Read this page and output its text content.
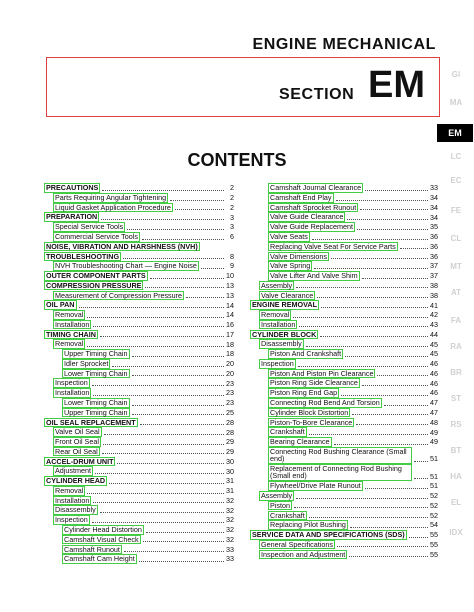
ENGINE MECHANICAL
SECTION EM
CONTENTS
GI
MA
EM
LC
EC
FE
CL
MT
AT
FA
RA
BR
ST
RS
BT
HA
EL
IDX
PRECAUTIONS	2
Parts Requiring Angular Tightening	2
Liquid Gasket Application Procedure	2
PREPARATION	3
Special Service Tools	3
Commercial Service Tools	6
NOISE, VIBRATION AND HARSHNESS (NVH)
TROUBLESHOOTING	8
NVH Troubleshooting Chart — Engine Noise	9
OUTER COMPONENT PARTS	10
COMPRESSION PRESSURE	13
Measurement of Compression Pressure	13
OIL PAN	14
Removal	14
Installation	16
TIMING CHAIN	17
Removal	18
Upper Timing Chain	18
Idler Sprocket	20
Lower Timing Chain	20
Inspection	23
Installation	23
Lower Timing Chain	23
Upper Timing Chain	25
OIL SEAL REPLACEMENT	28
Valve Oil Seal	28
Front Oil Seal	29
Rear Oil Seal	29
ACCEL-DRUM UNIT	30
Adjustment	30
CYLINDER HEAD	31
Removal	31
Installation	32
Disassembly	32
Inspection	32
Cylinder Head Distortion	32
Camshaft Visual Check	32
Camshaft Runout	33
Camshaft Cam Height	33
Camshaft Journal Clearance	33
Camshaft End Play	34
Camshaft Sprocket Runout	34
Valve Guide Clearance	34
Valve Guide Replacement	35
Valve Seats	36
Replacing Valve Seat For Service Parts	36
Valve Dimensions	36
Valve Spring	37
Valve Lifter And Valve Shim	37
Assembly	38
Valve Clearance	38
ENGINE REMOVAL	41
Removal	42
Installation	43
CYLINDER BLOCK	44
Disassembly	45
Piston And Crankshaft	45
Inspection	46
Piston And Piston Pin Clearance	46
Piston Ring Side Clearance	46
Piston Ring End Gap	46
Connecting Rod Bend And Torsion	47
Cylinder Block Distortion	47
Piston-To-Bore Clearance	48
Crankshaft	49
Bearing Clearance	49
Connecting Rod Bushing Clearance (Small end)	51
Replacement of Connecting Rod Bushing (Small end)	51
Flywheel/Drive Plate Runout	51
Assembly	52
Piston	52
Crankshaft	52
Replacing Pilot Bushing	54
SERVICE DATA AND SPECIFICATIONS (SDS)	55
General Specifications	55
Inspection and Adjustment	55
